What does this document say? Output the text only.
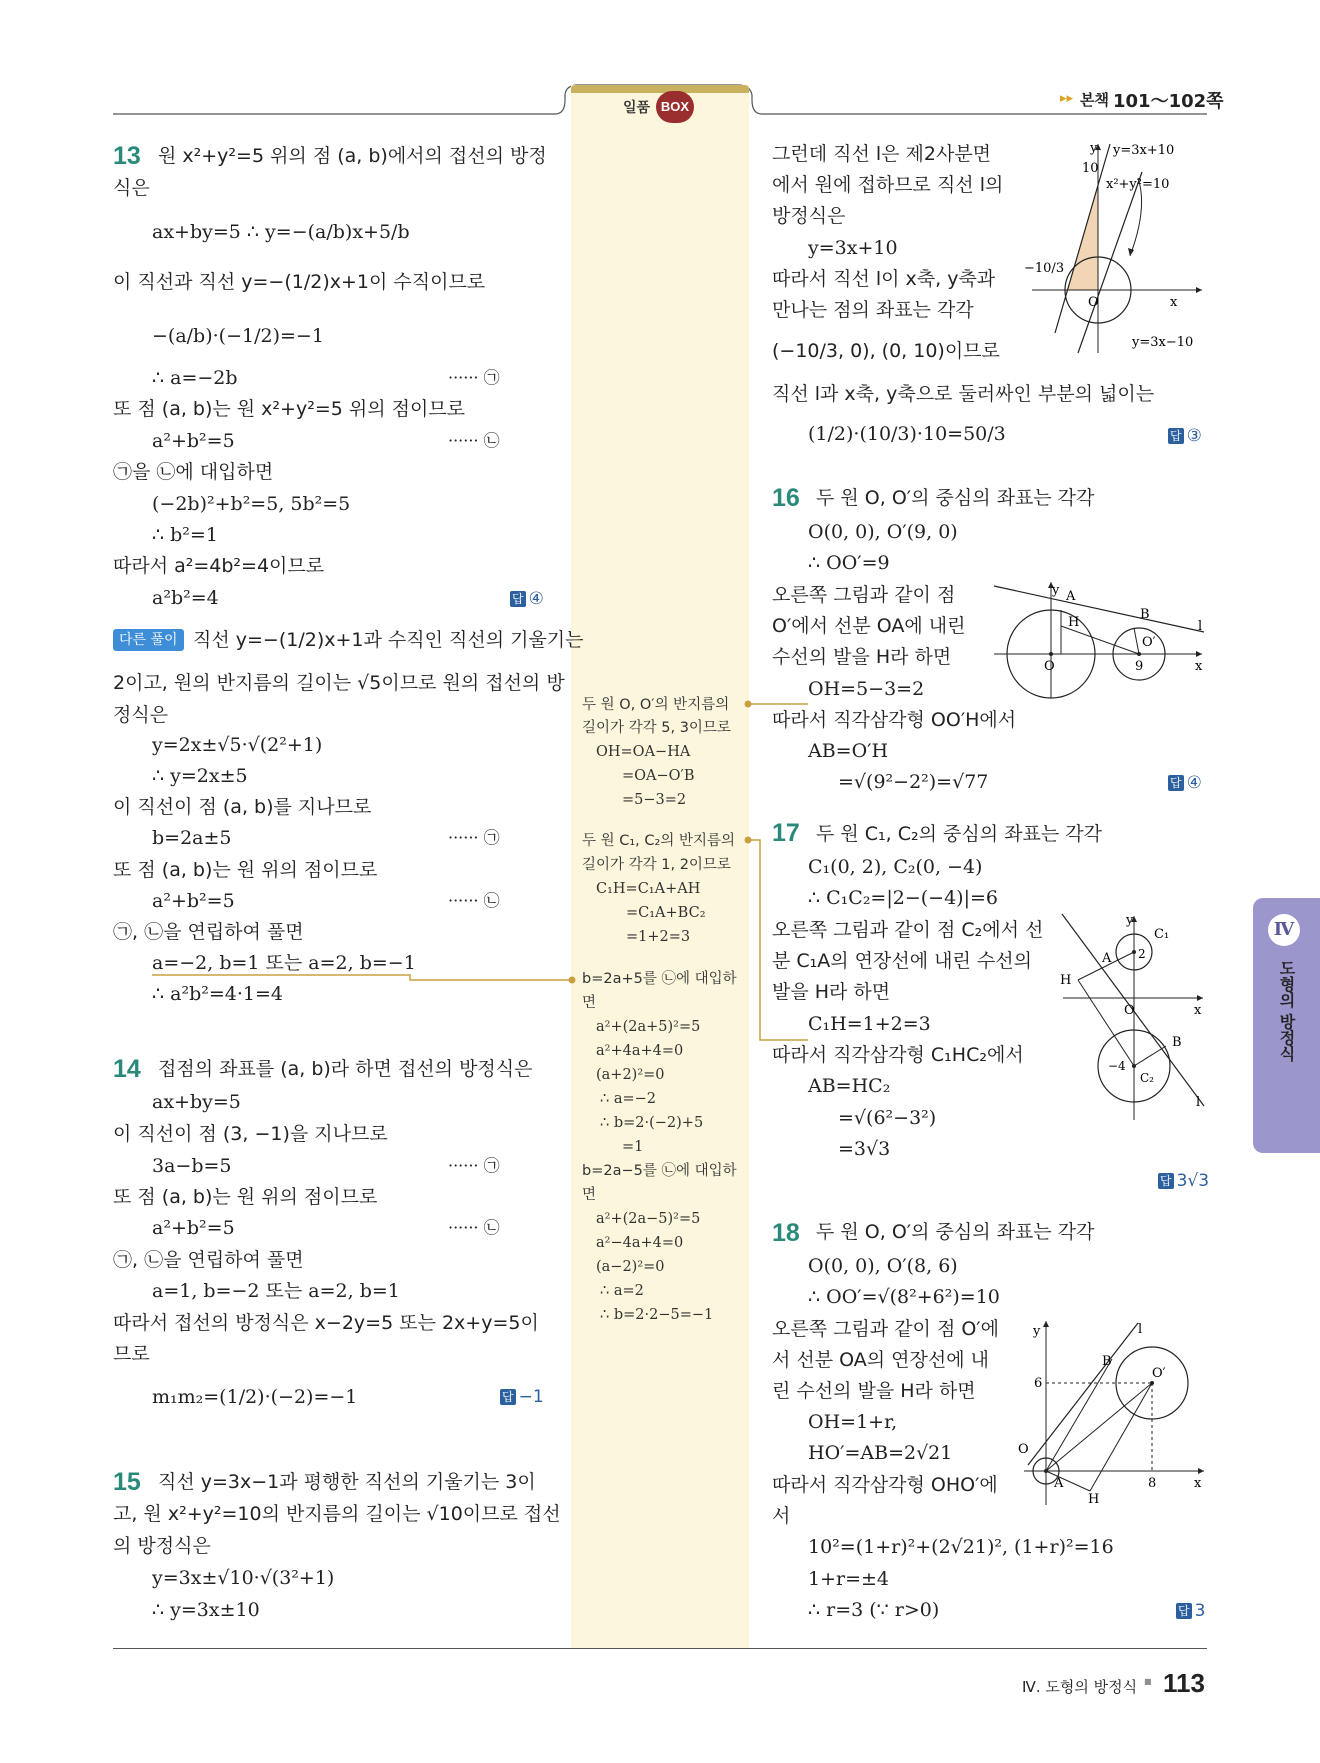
일품 BOX
▸▸ 본책 101～102쪽
13 원 x²+y²=5 위의 점 (a, b)에서의 접선의 방정
식은
ax+by=5 ∴ y=−(a/b)x+5/b
이 직선과 직선 y=−(1/2)x+1이 수직이므로
−(a/b)·(−1/2)=−1
∴ a=−2b	······ ㉠
또 점 (a, b)는 원 x²+y²=5 위의 점이므로
a²+b²=5	······ ㉡
㉠을 ㉡에 대입하면
(−2b)²+b²=5, 5b²=5
∴ b²=1
따라서 a²=4b²=4이므로
a²b²=4	답 ④
다른 풀이 직선 y=−(1/2)x+1과 수직인 직선의 기울기는
2이고, 원의 반지름의 길이는 √5이므로 원의 접선의 방
정식은
y=2x±√5·√(2²+1)
∴ y=2x±5
이 직선이 점 (a, b)를 지나므로
b=2a±5	······ ㉠
또 점 (a, b)는 원 위의 점이므로
a²+b²=5	······ ㉡
㉠, ㉡을 연립하여 풀면
a=−2, b=1 또는 a=2, b=−1
∴ a²b²=4·1=4
14 접점의 좌표를 (a, b)라 하면 접선의 방정식은
ax+by=5
이 직선이 점 (3, −1)을 지나므로
3a−b=5	······ ㉠
또 점 (a, b)는 원 위의 점이므로
a²+b²=5	······ ㉡
㉠, ㉡을 연립하여 풀면
a=1, b=−2 또는 a=2, b=1
따라서 접선의 방정식은 x−2y=5 또는 2x+y=5이
므로
m₁m₂=(1/2)·(−2)=−1	답 −1
15 직선 y=3x−1과 평행한 직선의 기울기는 3이
고, 원 x²+y²=10의 반지름의 길이는 √10이므로 접선
의 방정식은
y=3x±√10·√(3²+1)
∴ y=3x±10
그런데 직선 l은 제2사분면
에서 원에 접하므로 직선 l의
방정식은
y=3x+10
따라서 직선 l이 x축, y축과
만나는 점의 좌표는 각각
(−10/3, 0), (0, 10)이므로
직선 l과 x축, y축으로 둘러싸인 부분의 넓이는
(1/2)·(10/3)·10=50/3	답 ③
y y=3x+10
10
x²+y²=10
−10/3
O	x
y=3x−10
16 두 원 O, O′의 중심의 좌표는 각각
O(0, 0), O′(9, 0)
∴ OO′=9
오른쪽 그림과 같이 점
O′에서 선분 OA에 내린
수선의 발을 H라 하면
OH=5−3=2
따라서 직각삼각형 OO′H에서
AB=O′H
=√(9²−2²)=√77	답 ④
y A
H
B
O′
l
O	9	x
17 두 원 C₁, C₂의 중심의 좌표는 각각
C₁(0, 2), C₂(0, −4)
∴ C₁C₂=|2−(−4)|=6
오른쪽 그림과 같이 점 C₂에서 선
분 C₁A의 연장선에 내린 수선의
발을 H라 하면
C₁H=1+2=3
따라서 직각삼각형 C₁HC₂에서
AB=HC₂
=√(6²−3²)
=3√3
답 3√3
y
C₁
A 2
H
O	x
−4
B
C₂
l
18 두 원 O, O′의 중심의 좌표는 각각
O(0, 0), O′(8, 6)
∴ OO′=√(8²+6²)=10
오른쪽 그림과 같이 점 O′에
서 선분 OA의 연장선에 내
린 수선의 발을 H라 하면
OH=1+r,
HO′=AB=2√21
따라서 직각삼각형 OHO′에
서
10²=(1+r)²+(2√21)², (1+r)²=16
1+r=±4
∴ r=3 (∵ r>0)	답 3
y	l
B
O′
6
O
A
H
8	x
두 원 O, O′의 반지름의
길이가 각각 5, 3이므로
OH=OA−HA
=OA−O′B
=5−3=2
두 원 C₁, C₂의 반지름의
길이가 각각 1, 2이므로
C₁H=C₁A+AH
=C₁A+BC₂
=1+2=3
b=2a+5를 ㉡에 대입하
면
a²+(2a+5)²=5
a²+4a+4=0
(a+2)²=0
∴ a=−2
∴ b=2·(−2)+5
=1
b=2a−5를 ㉡에 대입하
면
a²+(2a−5)²=5
a²−4a+4=0
(a−2)²=0
∴ a=2
∴ b=2·2−5=−1
Ⅳ
도형의 방정식
Ⅳ. 도형의 방정식 ■ 113
